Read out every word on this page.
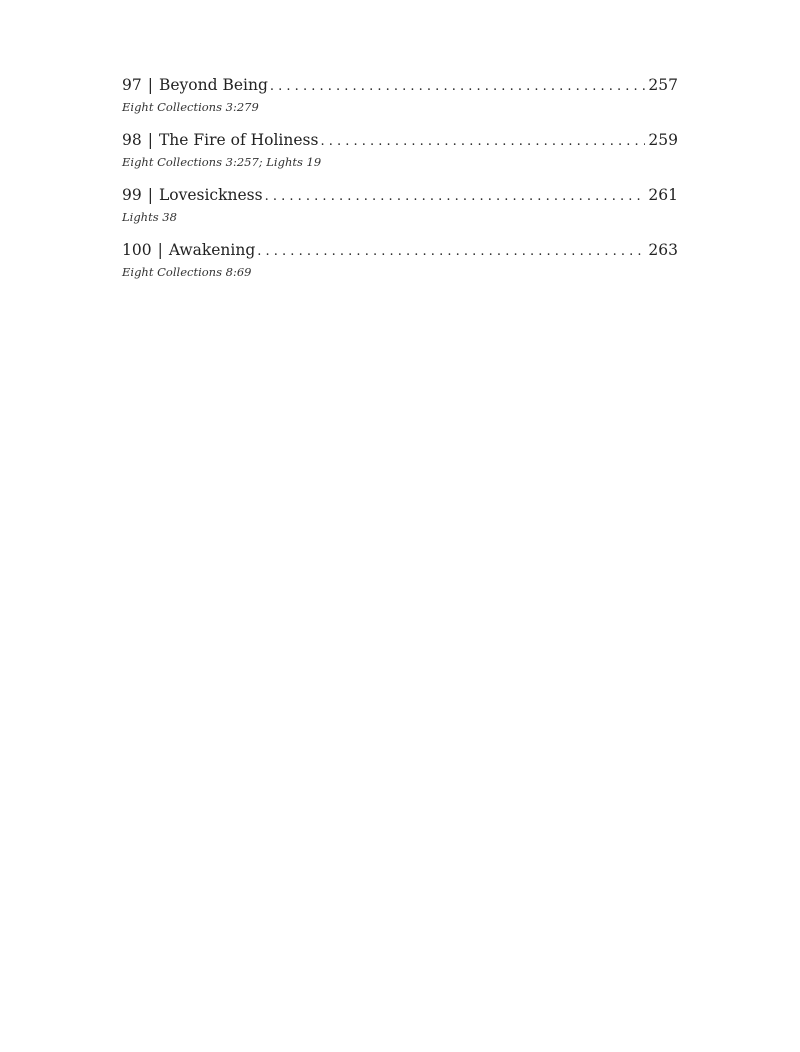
97 | Beyond Being . . .	257
Eight Collections 3:279
98 | The Fire of Holiness . . .	259
Eight Collections 3:257; Lights 19
99 | Lovesickness . . .	261
Lights 38
100 | Awakening . . .	263
Eight Collections 8:69
